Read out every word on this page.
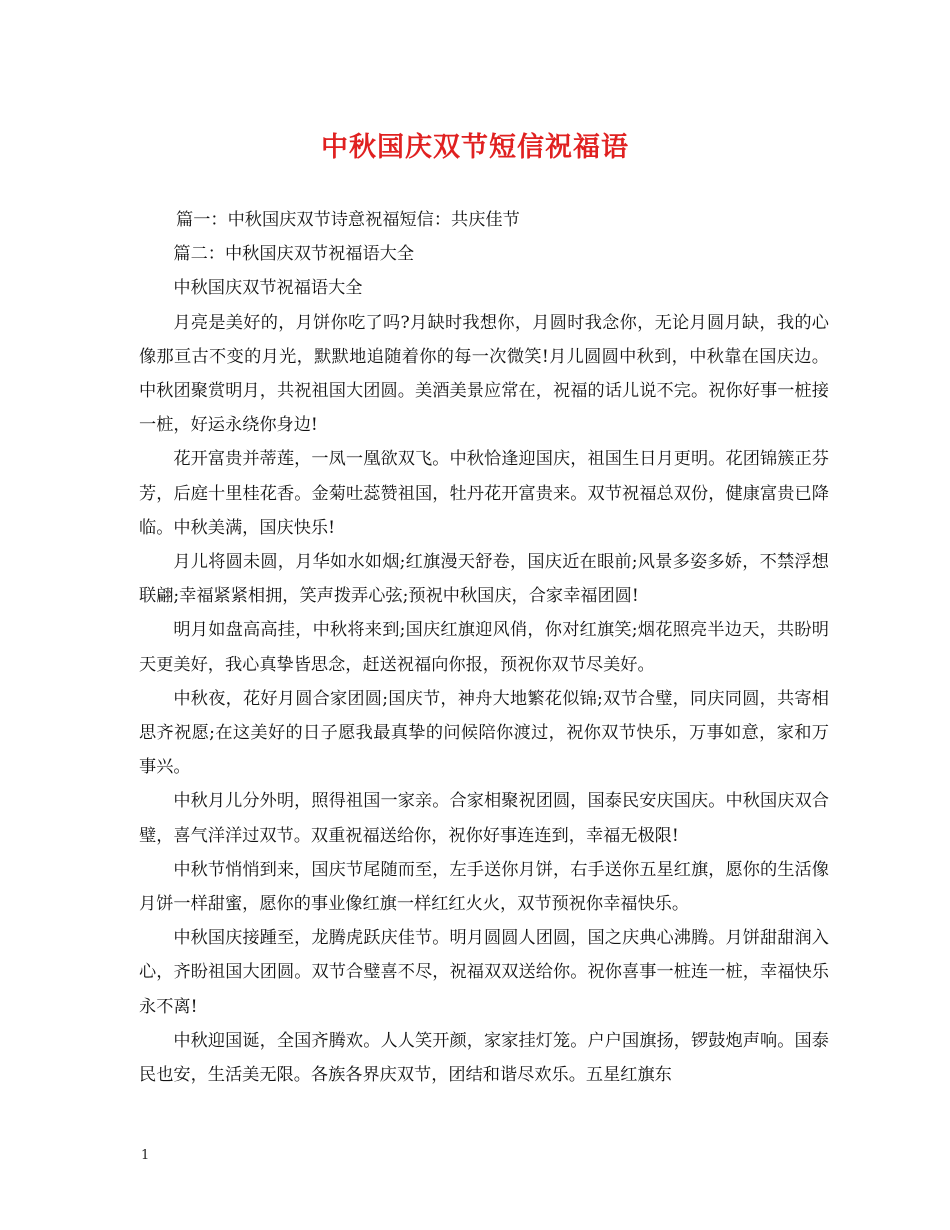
中秋国庆双节短信祝福语

篇一：中秋国庆双节诗意祝福短信：共庆佳节

篇二：中秋国庆双节祝福语大全

中秋国庆双节祝福语大全

月亮是美好的，月饼你吃了吗?月缺时我想你，月圆时我念你，无论月圆月缺，我的心像那亘古不变的月光，默默地追随着你的每一次微笑!月儿圆圆中秋到，中秋靠在国庆边。中秋团聚赏明月，共祝祖国大团圆。美酒美景应常在，祝福的话儿说不完。祝你好事一桩接一桩，好运永绕你身边!

花开富贵并蒂莲，一凤一凰欲双飞。中秋恰逢迎国庆，祖国生日月更明。花团锦簇正芬芳，后庭十里桂花香。金菊吐蕊赞祖国，牡丹花开富贵来。双节祝福总双份，健康富贵已降临。中秋美满，国庆快乐!

月儿将圆未圆，月华如水如烟;红旗漫天舒卷，国庆近在眼前;风景多姿多娇，不禁浮想联翩;幸福紧紧相拥，笑声拨弄心弦;预祝中秋国庆，合家幸福团圆!

明月如盘高高挂，中秋将来到;国庆红旗迎风俏，你对红旗笑;烟花照亮半边天，共盼明天更美好，我心真挚皆思念，赶送祝福向你报，预祝你双节尽美好。

中秋夜，花好月圆合家团圆;国庆节，神舟大地繁花似锦;双节合璧，同庆同圆，共寄相思齐祝愿;在这美好的日子愿我最真挚的问候陪你渡过，祝你双节快乐，万事如意，家和万事兴。

中秋月儿分外明，照得祖国一家亲。合家相聚祝团圆，国泰民安庆国庆。中秋国庆双合璧，喜气洋洋过双节。双重祝福送给你，祝你好事连连到，幸福无极限!

中秋节悄悄到来，国庆节尾随而至，左手送你月饼，右手送你五星红旗，愿你的生活像月饼一样甜蜜，愿你的事业像红旗一样红红火火，双节预祝你幸福快乐。

中秋国庆接踵至，龙腾虎跃庆佳节。明月圆圆人团圆，国之庆典心沸腾。月饼甜甜润入心，齐盼祖国大团圆。双节合璧喜不尽，祝福双双送给你。祝你喜事一桩连一桩，幸福快乐永不离!

中秋迎国诞，全国齐腾欢。人人笑开颜，家家挂灯笼。户户国旗扬，锣鼓炮声响。国泰民也安，生活美无限。各族各界庆双节，团结和谐尽欢乐。五星红旗东

1
